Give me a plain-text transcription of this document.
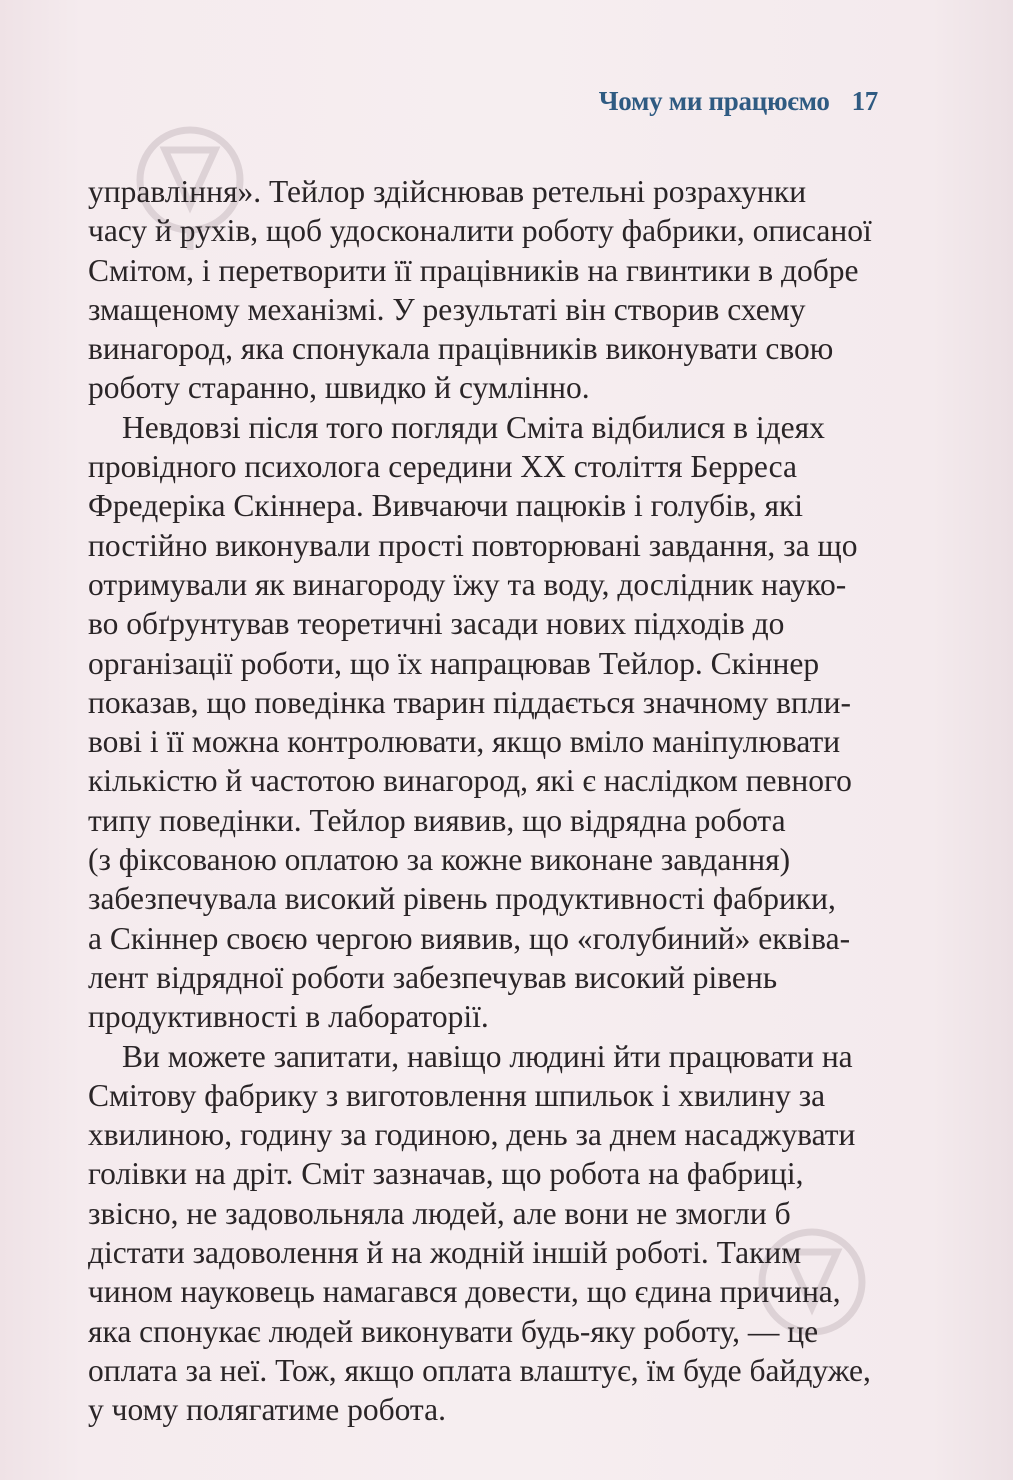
Чому ми працюємо 17
управління». Тейлор здійснював ретельні розрахунки
часу й рухів, щоб удосконалити роботу фабрики, описаної
Смітом, і перетворити її працівників на гвинтики в добре
змащеному механізмі. У результаті він створив схему
винагород, яка спонукала працівників виконувати свою
роботу старанно, швидко й сумлінно.
Невдовзі після того погляди Сміта відбилися в ідеях
провідного психолога середини XX століття Берреса
Фредеріка Скіннера. Вивчаючи пацюків і голубів, які
постійно виконували прості повторювані завдання, за що
отримували як винагороду їжу та воду, дослідник науко-
во обґрунтував теоретичні засади нових підходів до
організації роботи, що їх напрацював Тейлор. Скіннер
показав, що поведінка тварин піддається значному впли-
вові і її можна контролювати, якщо вміло маніпулювати
кількістю й частотою винагород, які є наслідком певного
типу поведінки. Тейлор виявив, що відрядна робота
(з фіксованою оплатою за кожне виконане завдання)
забезпечувала високий рівень продуктивності фабрики,
а Скіннер своєю чергою виявив, що «голубиний» еквіва-
лент відрядної роботи забезпечував високий рівень
продуктивності в лабораторії.
Ви можете запитати, навіщо людині йти працювати на
Смітову фабрику з виготовлення шпильок і хвилину за
хвилиною, годину за годиною, день за днем насаджувати
голівки на дріт. Сміт зазначав, що робота на фабриці,
звісно, не задовольняла людей, але вони не змогли б
дістати задоволення й на жодній іншій роботі. Таким
чином науковець намагався довести, що єдина причина,
яка спонукає людей виконувати будь-яку роботу, — це
оплата за неї. Тож, якщо оплата влаштує, їм буде байдуже,
у чому полягатиме робота.
